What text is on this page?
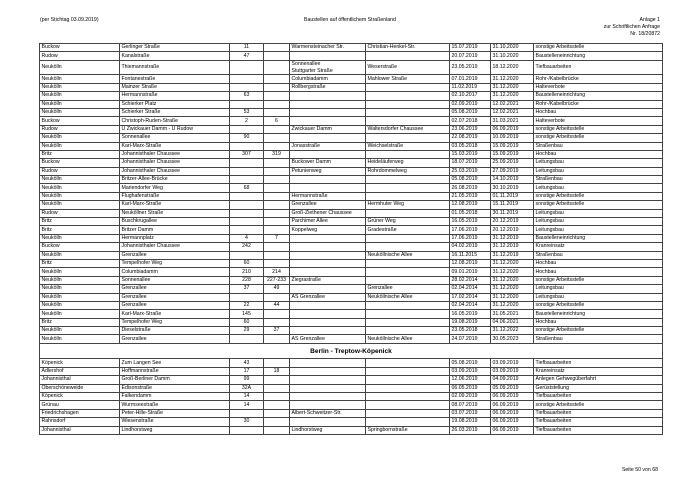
(per Stichtag 03.09.2019)	Baustellen auf öffentlichem Straßenland	Anlage 1
zur Schriftlichen Anfrage
Nr. 18/20872
Buckow	Gerlinger Straße	11		Warmensteinacher Str.	Christian-Henkel-Str.	15.07.2019	31.10.2020	sonstige Arbeitsstelle
Rudow	Kanalstraße	47				20.07.2019	31.10.2020	Baustelleneinrichtung
Neukölln	Thiemannstraße			Sonnenallee
Stuttgarter Straße	Weserstraße	23.05.2019	18.12.2020	Tiefbauarbeiten
Neukölln	Fontanestraße			Columbiadamm	Mahlower Straße	07.01.2019	31.12.2020	Rohr-/Kabelbrücke
Neukölln	Mainzer Straße			Rollbergstraße		11.02.2019	31.12.2020	Halteverbote
Neukölln	Hermannstraße	63				02.10.2017	31.12.2020	Baustelleneinrichtung
Neukölln	Schierker Platz					02.09.2019	12.02.2021	Rohr-/Kabelbrücke
Neukölln	Schierker Straße	53				05.08.2019	12.02.2021	Hochbau
Buckow	Christoph-Ruden-Straße	2	6			02.07.2018	31.03.2021	Halteverbote
Rudow	U Zwickauer Damm - U Rudow			Zwickauer Damm	Waltersdorfer Chaussee	23.06.2019	06.09.2019	sonstige Arbeitsstelle
Neukölln	Sonnenallee	90				22.08.2019	10.09.2019	sonstige Arbeitsstelle
Neukölln	Karl-Marx-Straße			Jonasstraße	Weichselstraße	03.05.2018	15.09.2019	Straßenbau
Britz	Johannisthaler Chaussee	307	319			15.03.2019	15.09.2019	Hochbau
Buckow	Johannisthaler Chaussee			Buckower Damm	Heideläuferweg	18.07.2019	25.09.2019	Leitungsbau
Rudow	Johannisthaler Chaussee			Petunienweg	Rohrdommelweg	25.03.2019	27.09.2019	Leitungsbau
Neukölln	Britzer-Allee-Brücke					05.08.2019	14.10.2019	Straßenbau
Neukölln	Mariendorfer Weg	68				26.08.2019	30.10.2019	Leitungsbau
Neukölln	Flughafenstraße			Hermannstraße		21.05.2019	01.11.2019	sonstige Arbeitsstelle
Neukölln	Karl-Marx-Straße			Grenzallee	Hermhuter Weg	12.08.2019	15.11.2019	sonstige Arbeitsstelle
Rudow	Neuköllner Straße			Groß-Ziethener Chaussee		01.05.2018	30.11.2019	Leitungsbau
Britz	Buschkrugallee			Parchimer Allee	Grüner Weg	16.05.2019	20.12.2019	Leitungsbau
Britz	Britzer Damm			Koppelweg	Gradestraße	17.06.2019	20.12.2019	Leitungsbau
Neukölln	Hermannplatz	4	7			17.06.2019	31.12.2019	Baustelleneinrichtung
Buckow	Johannisthaler Chaussee	242				04.02.2019	31.12.2019	Kranreinsatz
Neukölln	Grenzallee				Neuköllnische Allee	16.11.2015	31.12.2019	Straßenbau
Britz	Tempelhofer Weg	60				12.08.2019	31.12.2020	Hochbau
Neukölln	Columbiadamm	210	214			09.01.2019	31.12.2020	Hochbau
Neukölln	Sonnenallee	228	227-233	Ziegrastraße		28.02.2014	31.12.2020	sonstige Arbeitsstelle
Neukölln	Grenzallee	37	49		Grenzallee	02.04.2014	31.12.2020	Leitungsbau
Neukölln	Grenzallee			AS Grenzallee	Neuköllnische Allee	17.02.2014	31.12.2020	Leitungsbau
Neukölln	Grenzallee	22	44			02.04.2014	31.12.2020	sonstige Arbeitsstelle
Neukölln	Karl-Marx-Straße	145				16.05.2019	31.05.2021	Baustelleneinrichtung
Britz	Tempelhofer Weg	60				19.08.2019	04.06.2021	Hochbau
Neukölln	Dieselstraße	29	37			23.05.2018	31.12.2022	sonstige Arbeitsstelle
Neukölln	Grenzallee			AS Grenzallee	Neuköllnische Allee	24.07.2019	30.05.2023	Straßenbau
Berlin - Treptow-Köpenick								
Köpenick	Zum Langen See	43				05.08.2019	03.09.2019	Tiefbauarbeiten
Adlershof	Hoffmannstraße	17	18			03.09.2019	03.09.2019	Kranreinsatz
Johannisthal	Groß-Berliner Damm	99				12.06.2019	04.09.2019	Anlegen Gehwegüberfahrt
Oberschöneweide	Edisonstraße	32A				06.05.2019	05.09.2019	Gerüststellung
Köpenick	Falkendamm	14				02.09.2019	06.09.2019	Tiefbauarbeiten
Grünau	Wurmseestraße	14				08.07.2019	06.09.2019	sonstige Arbeitsstelle
Friedrichshagen	Peter-Hille-Straße			Albert-Schweitzer-Str.		03.07.2019	06.09.2019	Tiefbauarbeiten
Rahnsdorf	Wiesenstraße	30				19.08.2019	06.09.2019	Tiefbauarbeiten
Johannisthal	Lindhorstweg			Lindhorstweg	Springbornstraße	26.03.2019	06.09.2019	Tiefbauarbeiten
Seite 50 von 68
